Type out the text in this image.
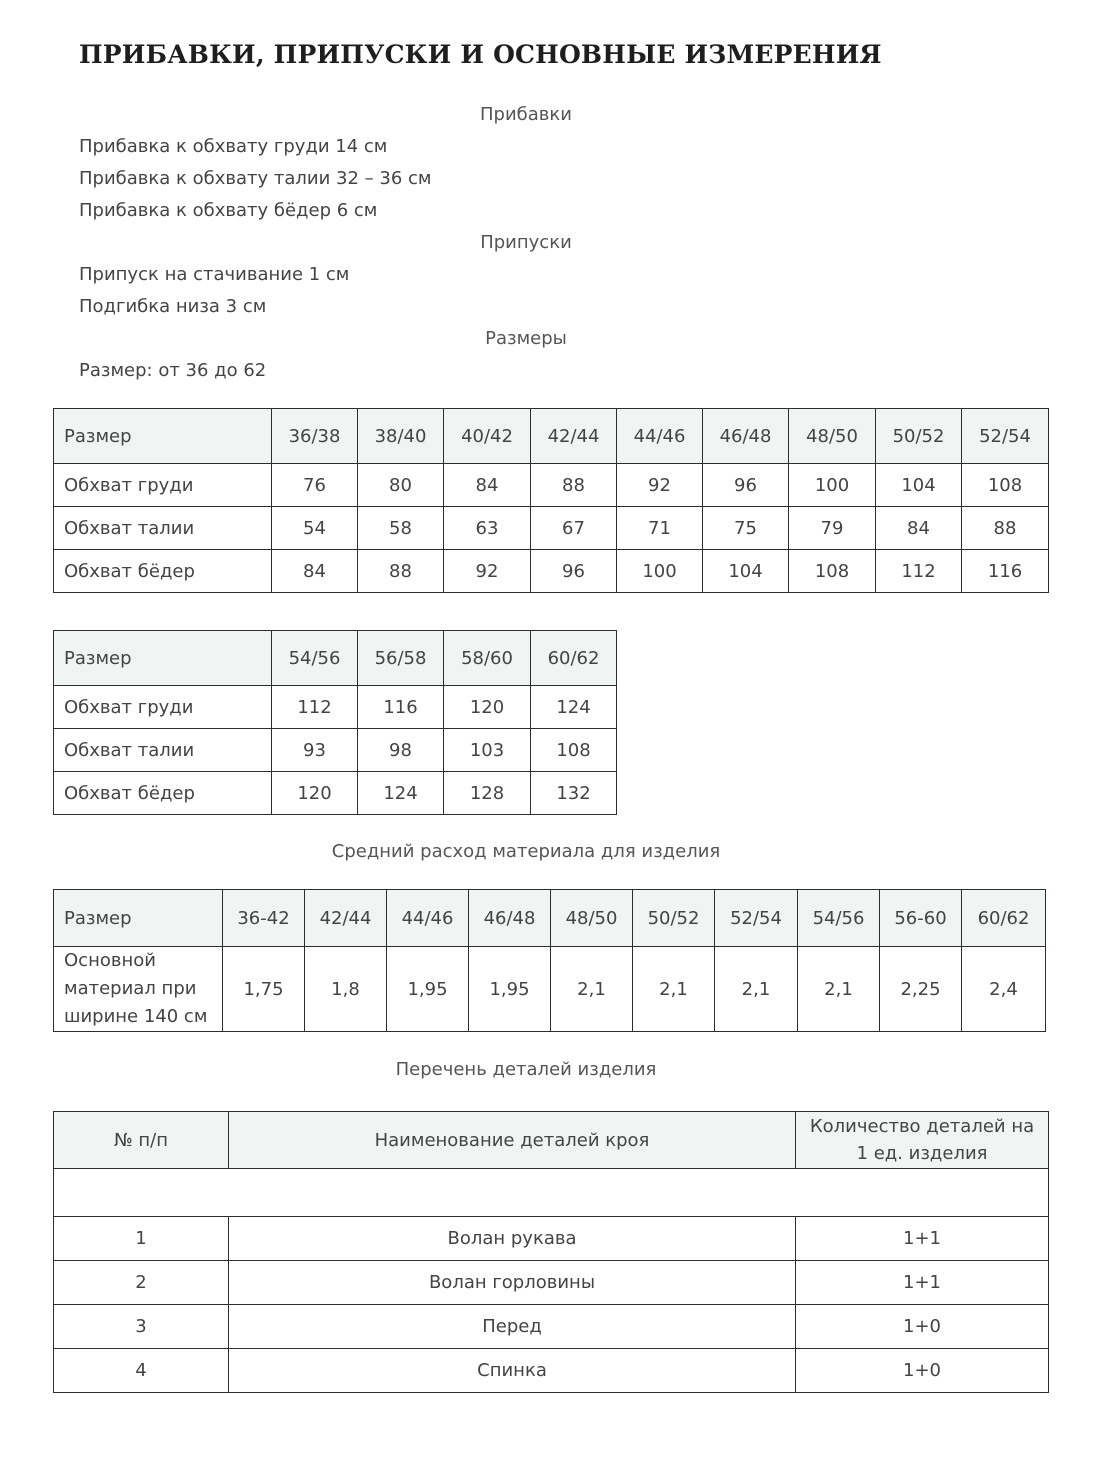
ПРИБАВКИ, ПРИПУСКИ И ОСНОВНЫЕ ИЗМЕРЕНИЯ
Прибавки
Прибавка к обхвату груди 14 см
Прибавка к обхвату талии 32 – 36 см
Прибавка к обхвату бёдер 6 см
Припуски
Припуск на стачивание 1 см
Подгибка низа 3 см
Размеры
Размер: от 36 до 62
Размер	36/38	38/40	40/42	42/44	44/46	46/48	48/50	50/52	52/54
Обхват груди	76	80	84	88	92	96	100	104	108
Обхват талии	54	58	63	67	71	75	79	84	88
Обхват бёдер	84	88	92	96	100	104	108	112	116
Размер	54/56	56/58	58/60	60/62
Обхват груди	112	116	120	124
Обхват талии	93	98	103	108
Обхват бёдер	120	124	128	132
Средний расход материала для изделия
Размер	36-42	42/44	44/46	46/48	48/50	50/52	52/54	54/56	56-60	60/62

Основной
материал при
ширине 140 см	1,75	1,8	1,95	1,95	2,1	2,1	2,1	2,1	2,25	2,4
Перечень деталей изделия
№ п/п	Наименование деталей кроя	Количество деталей на
1 ед. изделия

1	Волан рукава	1+1
2	Волан горловины	1+1
3	Перед	1+0
4	Спинка	1+0
